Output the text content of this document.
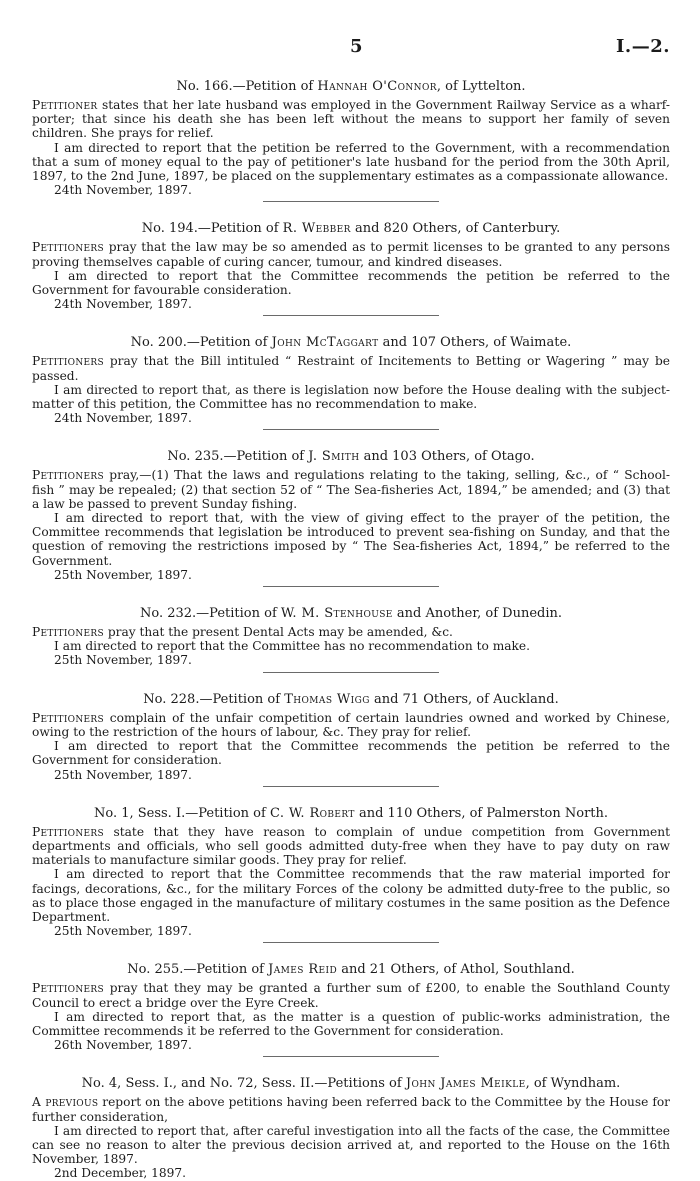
5	I.—2.

No. 166.—Petition of Hannah O'Connor, of Lyttelton.

Petitioner states that her late husband was employed in the Government Railway Service as a wharf-porter; that since his death she has been left without the means to support her family of seven children. She prays for relief.

I am directed to report that the petition be referred to the Government, with a recommendation that a sum of money equal to the pay of petitioner's late husband for the period from the 30th April, 1897, to the 2nd June, 1897, be placed on the supplementary estimates as a compassionate allowance.

24th November, 1897.

No. 194.—Petition of R. Webber and 820 Others, of Canterbury.

Petitioners pray that the law may be so amended as to permit licenses to be granted to any persons proving themselves capable of curing cancer, tumour, and kindred diseases.

I am directed to report that the Committee recommends the petition be referred to the Government for favourable consideration.

24th November, 1897.

No. 200.—Petition of John McTaggart and 107 Others, of Waimate.

Petitioners pray that the Bill intituled “ Restraint of Incitements to Betting or Wagering ” may be passed.

I am directed to report that, as there is legislation now before the House dealing with the subject-matter of this petition, the Committee has no recommendation to make.

24th November, 1897.

No. 235.—Petition of J. Smith and 103 Others, of Otago.

Petitioners pray,—(1) That the laws and regulations relating to the taking, selling, &c., of “ School-fish ” may be repealed; (2) that section 52 of “ The Sea-fisheries Act, 1894,” be amended; and (3) that a law be passed to prevent Sunday fishing.

I am directed to report that, with the view of giving effect to the prayer of the petition, the Committee recommends that legislation be introduced to prevent sea-fishing on Sunday, and that the question of removing the restrictions imposed by “ The Sea-fisheries Act, 1894,” be referred to the Government.

25th November, 1897.

No. 232.—Petition of W. M. Stenhouse and Another, of Dunedin.

Petitioners pray that the present Dental Acts may be amended, &c.

I am directed to report that the Committee has no recommendation to make.

25th November, 1897.

No. 228.—Petition of Thomas Wigg and 71 Others, of Auckland.

Petitioners complain of the unfair competition of certain laundries owned and worked by Chinese, owing to the restriction of the hours of labour, &c. They pray for relief.

I am directed to report that the Committee recommends the petition be referred to the Government for consideration.

25th November, 1897.

No. 1, Sess. I.—Petition of C. W. Robert and 110 Others, of Palmerston North.

Petitioners state that they have reason to complain of undue competition from Government departments and officials, who sell goods admitted duty-free when they have to pay duty on raw materials to manufacture similar goods. They pray for relief.

I am directed to report that the Committee recommends that the raw material imported for facings, decorations, &c., for the military Forces of the colony be admitted duty-free to the public, so as to place those engaged in the manufacture of military costumes in the same position as the Defence Department.

25th November, 1897.

No. 255.—Petition of James Reid and 21 Others, of Athol, Southland.

Petitioners pray that they may be granted a further sum of £200, to enable the Southland County Council to erect a bridge over the Eyre Creek.

I am directed to report that, as the matter is a question of public-works administration, the Committee recommends it be referred to the Government for consideration.

26th November, 1897.

No. 4, Sess. I., and No. 72, Sess. II.—Petitions of John James Meikle, of Wyndham.

A previous report on the above petitions having been referred back to the Committee by the House for further consideration,

I am directed to report that, after careful investigation into all the facts of the case, the Committee can see no reason to alter the previous decision arrived at, and reported to the House on the 16th November, 1897.

2nd December, 1897.
